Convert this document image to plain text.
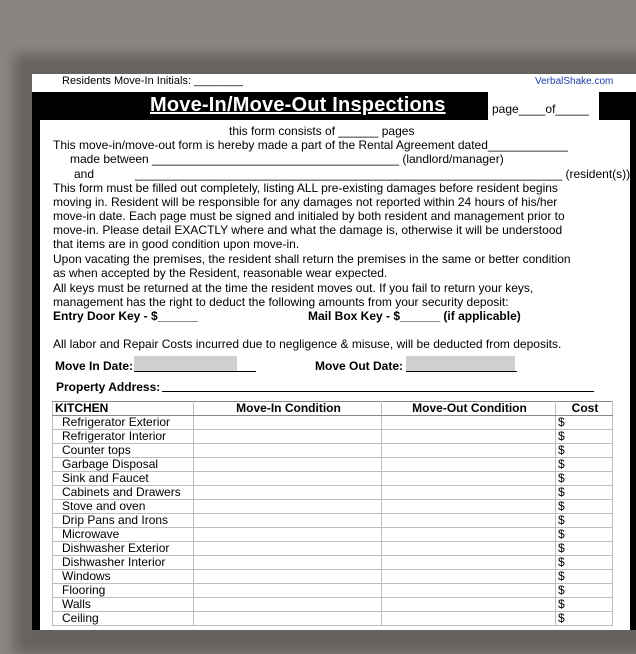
Residents Move-In Initials: ________	VerbalShake.com
Move-In/Move-Out Inspections	page____of_____
this form consists of ______ pages
This move-in/move-out form is hereby made a part of the Rental Agreement dated____________
made between _____________________________________ (landlord/manager)
and	________________________________________________________________ (resident(s))
This form must be filled out completely, listing ALL pre-existing damages before resident begins
moving in. Resident will be responsible for any damages not reported within 24 hours of his/her
move-in date. Each page must be signed and initialed by both resident and management prior to
move-in. Please detail EXACTLY where and what the damage is, otherwise it will be understood
that items are in good condition upon move-in.
Upon vacating the premises, the resident shall return the premises in the same or better condition
as when accepted by the Resident, reasonable wear expected.
All keys must be returned at the time the resident moves out. If you fail to return your keys,
management has the right to deduct the following amounts from your security deposit:
Entry Door Key - $______	Mail Box Key - $______ (if applicable)
All labor and Repair Costs incurred due to negligence & misuse, will be deducted from deposits.
Move In Date:	Move Out Date:
Property Address:
KITCHEN	Move-In Condition	Move-Out Condition	Cost
Refrigerator Exterior			$
Refrigerator Interior			$
Counter tops			$
Garbage Disposal			$
Sink and Faucet			$
Cabinets and Drawers			$
Stove and oven			$
Drip Pans and Irons			$
Microwave			$
Dishwasher Exterior			$
Dishwasher Interior			$
Windows			$
Flooring			$
Walls			$
Ceiling			$
